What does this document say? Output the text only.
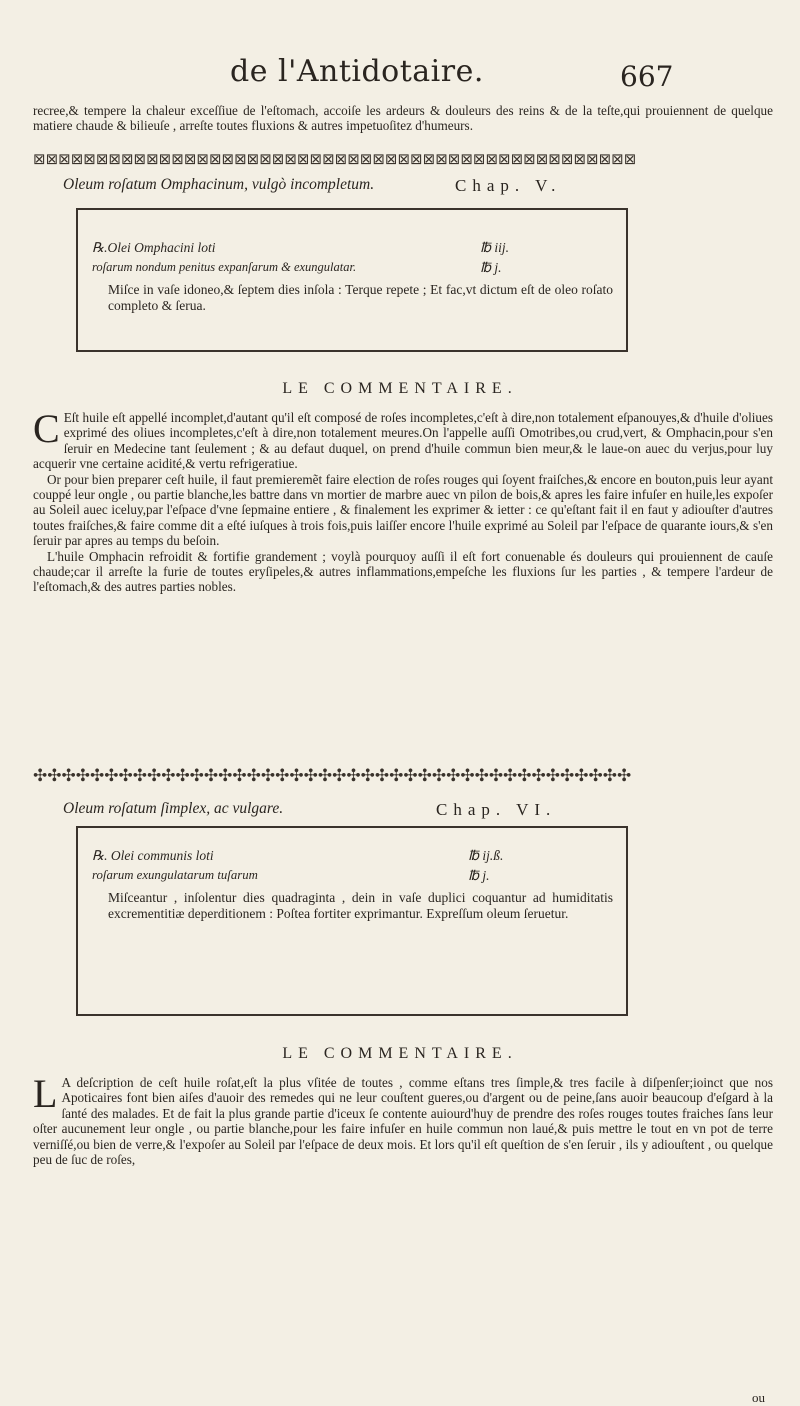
de l'Antidotaire.	667

recree,& tempere la chaleur exceſſiue de l'eſtomach, accoiſe les ardeurs & douleurs des reins & de la teſte,qui prouiennent de quelque matiere chaude & bilieuſe , arreſte toutes fluxions & autres impetuoſitez d'humeurs.

⊠⊠⊠⊠⊠⊠⊠⊠⊠⊠⊠⊠⊠⊠⊠⊠⊠⊠⊠⊠⊠⊠⊠⊠⊠⊠⊠⊠⊠⊠⊠⊠⊠⊠⊠⊠⊠⊠⊠⊠⊠⊠⊠⊠⊠⊠⊠⊠
Oleum roſatum Omphacinum, vulgò incompletum.	Chap. V.
℞.Olei Omphacini loti	℔ iij.
roſarum nondum penitus expanſarum & exungulatar.	℔ j.
Miſce in vaſe idoneo,& ſeptem dies inſola : Terque repete ; Et fac,vt dictum eſt de oleo roſato completo & ſerua.
LE COMMENTAIRE.

C Eſt huile eſt appellé incomplet,d'autant qu'il eſt composé de roſes incompletes,c'eſt à dire,non totalement eſpanouyes,& d'huile d'oliues exprimé des oliues incompletes,c'eſt à dire,non totalement meures.On l'appelle auſſi Omotribes,ou crud,vert, & Omphacin,pour s'en ſeruir en Medecine tant ſeulement ; & au defaut duquel, on prend d'huile commun bien meur,& le laue-on auec du verjus,pour luy acquerir vne certaine acidité,& vertu refrigeratiue.

Or pour bien preparer ceſt huile, il faut premieremẽt faire election de roſes rouges qui ſoyent fraiſches,& encore en bouton,puis leur ayant couppé leur ongle , ou partie blanche,les battre dans vn mortier de marbre auec vn pilon de bois,& apres les faire infuſer en huile,les expoſer au Soleil auec iceluy,par l'eſpace d'vne ſepmaine entiere , & finalement les exprimer & ietter : ce qu'eſtant fait il en faut y adiouſter d'autres toutes fraiſches,& faire comme dit a eſté iuſques à trois fois,puis laiſſer encore l'huile exprimé au Soleil par l'eſpace de quarante iours,& s'en ſeruir par apres au temps du beſoin.

L'huile Omphacin refroidit & fortifie grandement ; voylà pourquoy auſſi il eſt fort conuenable és douleurs qui prouiennent de cauſe chaude;car il arreſte la furie de toutes eryſipeles,& autres inflammations,empeſche les fluxions ſur les parties , & tempere l'ardeur de l'eſtomach,& des autres parties nobles.

✣✣✣✣✣✣✣✣✣✣✣✣✣✣✣✣✣✣✣✣✣✣✣✣✣✣✣✣✣✣✣✣✣✣✣✣✣✣✣✣✣✣
Oleum roſatum ſimplex, ac vulgare.	Chap. VI.
℞. Olei communis loti	℔ ij.ß.
roſarum exungulatarum tuſarum	℔ j.
Miſceantur , inſolentur dies quadraginta , dein in vaſe duplici coquantur ad humiditatis excrementitiæ deperditionem : Poſtea fortiter exprimantur. Expreſſum oleum ſeruetur.
LE COMMENTAIRE.

L A deſcription de ceſt huile roſat,eſt la plus vſitée de toutes , comme eſtans tres ſimple,& tres facile à diſpenſer;ioinct que nos Apoticaires font bien aiſes d'auoir des remedes qui ne leur couſtent gueres,ou d'argent ou de peine,ſans auoir beaucoup d'eſgard à la ſanté des malades. Et de fait la plus grande partie d'iceux ſe contente auiourd'huy de prendre des roſes rouges toutes fraiches ſans leur oſter aucunement leur ongle , ou partie blanche,pour les faire infuſer en huile commun non laué,& puis mettre le tout en vn pot de terre verniſſé,ou bien de verre,& l'expoſer au Soleil par l'eſpace de deux mois. Et lors qu'il eſt queſtion de s'en ſeruir , ils y adiouſtent , ou quelque peu de ſuc de roſes,

ou
